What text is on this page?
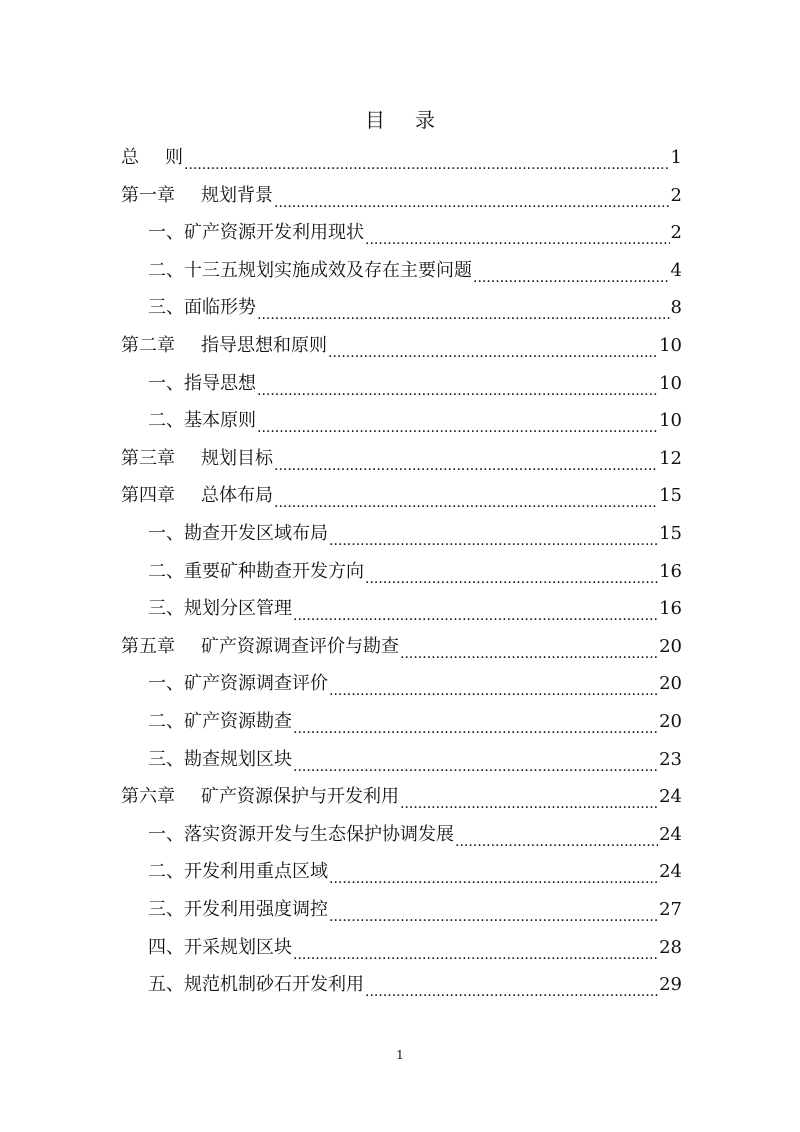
目录
总 则 .....	1
第一章 规划背景 .....	2
一、矿产资源开发利用现状 .....	2
二、十三五规划实施成效及存在主要问题 .....	4
三、面临形势 .....	8
第二章 指导思想和原则 .....	10
一、指导思想 .....	10
二、基本原则 .....	10
第三章 规划目标 .....	12
第四章 总体布局 .....	15
一、勘查开发区域布局 .....	15
二、重要矿种勘查开发方向 .....	16
三、规划分区管理 .....	16
第五章 矿产资源调查评价与勘查 .....	20
一、矿产资源调查评价 .....	20
二、矿产资源勘查 .....	20
三、勘查规划区块 .....	23
第六章 矿产资源保护与开发利用 .....	24
一、落实资源开发与生态保护协调发展 .....	24
二、开发利用重点区域 .....	24
三、开发利用强度调控 .....	27
四、开采规划区块 .....	28
五、规范机制砂石开发利用 .....	29
1
